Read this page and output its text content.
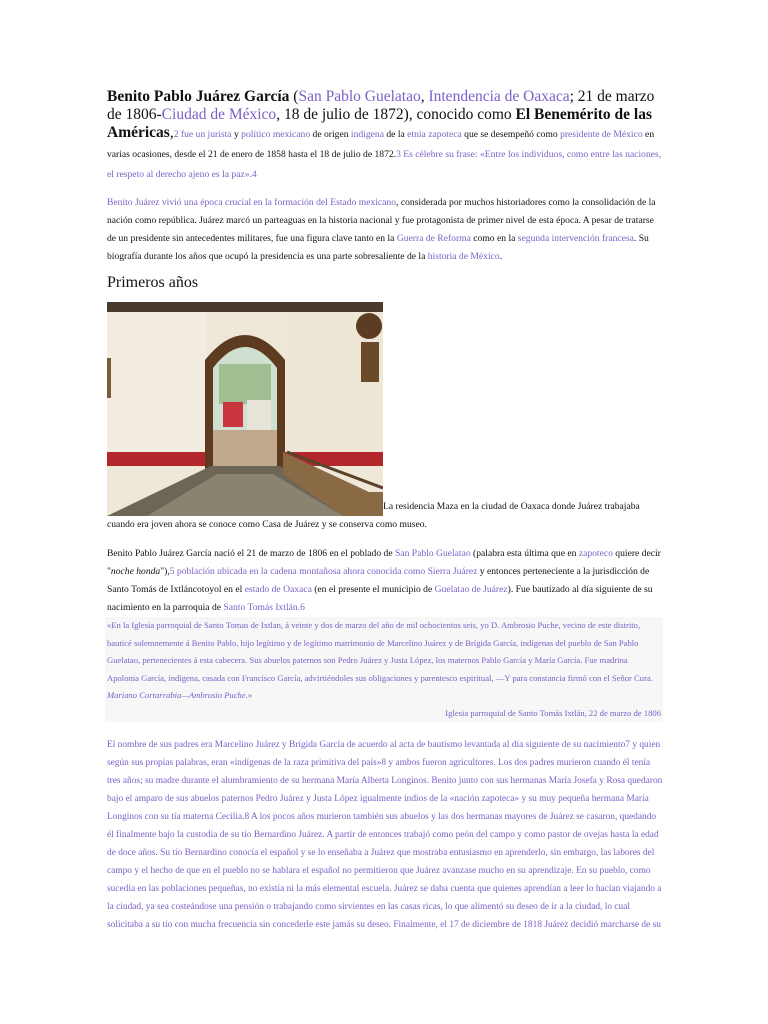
Benito Pablo Juárez García (San Pablo Guelatao, Intendencia de Oaxaca; 21 de marzo de 1806-Ciudad de México, 18 de julio de 1872), conocido como El Benemérito de las Américas,2 fue un jurista y político mexicano de origen indígena de la etnia zapoteca que se desempeñó como presidente de México en varias ocasiones, desde el 21 de enero de 1858 hasta el 18 de julio de 1872.3 Es célebre su frase: «Entre los individuos, como entre las naciones, el respeto al derecho ajeno es la paz».4

Benito Juárez vivió una época crucial en la formación del Estado mexicano, considerada por muchos historiadores como la consolidación de la nación como república. Juárez marcó un parteaguas en la historia nacional y fue protagonista de primer nivel de esta época. A pesar de tratarse de un presidente sin antecedentes militares, fue una figura clave tanto en la Guerra de Reforma como en la segunda intervención francesa. Su biografía durante los años que ocupó la presidencia es una parte sobresaliente de la historia de México.

Primeros años
La residencia Maza en la ciudad de Oaxaca donde Juárez trabajaba cuando era joven ahora se conoce como Casa de Juárez y se conserva como museo.

Benito Pablo Juárez García nació el 21 de marzo de 1806 en el poblado de San Pablo Guelatao (palabra esta última que en zapoteco quiere decir "noche honda"),5 población ubicada en la cadena montañosa ahora conocida como Sierra Juárez y entonces perteneciente a la jurisdicción de Santo Tomás de Ixtláncotoyol en el estado de Oaxaca (en el presente el municipio de Guelatao de Juárez). Fue bautizado al día siguiente de su nacimiento en la parroquia de Santo Tomás Ixtlán.6

«En la Iglesia parroquial de Santo Tomas de Ixtlan, á veinte y dos de marzo del año de mil ochocientos seis, yo D. Ambrosio Puche, vecino de este distrito, bauticé solemnemente á Benito Pablo, hijo legítimo y de legítimo matrimonio de Marcelino Juárez y de Brígida García, indígenas del pueblo de San Pablo Guelatao, pertenecientes á esta cabecera. Sus abuelos paternos son Pedro Juárez y Justa López, los maternos Pablo García y María García. Fue madrina Apolonia García, indígena, casada con Francisco García, advirtiéndoles sus obligaciones y parentesco espiritual, —Y para constancia firmó con el Señor Cura. Mariano Cortarrabia—Ambrosio Puche.»
Iglesia parroquial de Santo Tomás Ixtlán, 22 de marzo de 1806

El nombre de sus padres era Marcelino Juárez y Brígida García de acuerdo al acta de bautismo levantada al día siguiente de su nacimiento7 y quien según sus propias palabras, eran «indígenas de la raza primitiva del país»8 y ambos fueron agricultores. Los dos padres murieron cuando él tenía tres años; su madre durante el alumbramiento de su hermana María Alberta Longinos. Benito junto con sus hermanas María Josefa y Rosa quedaron bajo el amparo de sus abuelos paternos Pedro Juárez y Justa López igualmente indios de la «nación zapoteca» y su muy pequeña hermana María Longinos con su tía materna Cecilia.8 A los pocos años murieron también sus abuelos y las dos hermanas mayores de Juárez se casaron, quedando él finalmente bajo la custodia de su tío Bernardino Juárez. A partir de entonces trabajó como peón del campo y como pastor de ovejas hasta la edad de doce años. Su tío Bernardino conocía el español y se lo enseñaba a Juárez que mostraba entusiasmo en aprenderlo, sin embargo, las labores del campo y el hecho de que en el pueblo no se hablara el español no permitieron que Juárez avanzase mucho en su aprendizaje. En su pueblo, como sucedía en las poblaciones pequeñas, no existía ni la más elemental escuela. Juárez se daba cuenta que quienes aprendían a leer lo hacían viajando a la ciudad, ya sea costeándose una pensión o trabajando como sirvientes en las casas ricas, lo que alimentó su deseo de ir a la ciudad, lo cual solicitaba a su tío con mucha frecuencia sin concederle este jamás su deseo. Finalmente, el 17 de diciembre de 1818 Juárez decidió marcharse de su
